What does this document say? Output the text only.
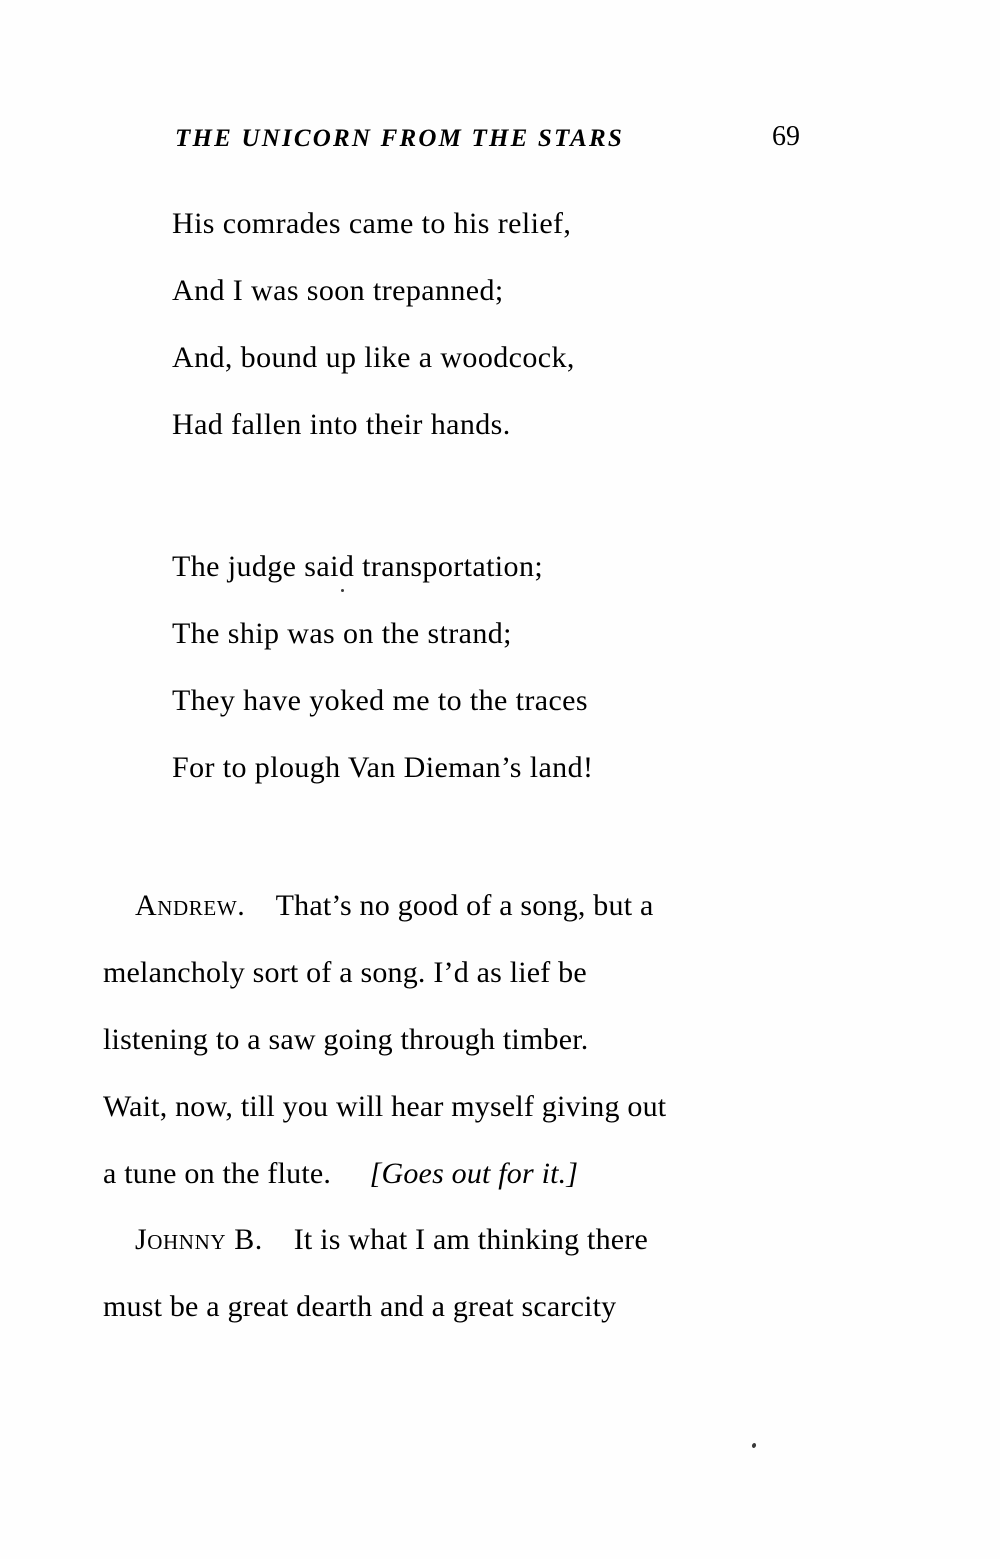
THE UNICORN FROM THE STARS	69
His comrades came to his relief,
And I was soon trepanned;
And, bound up like a woodcock,
Had fallen into their hands.
The judge said transportation;
The ship was on the strand;
They have yoked me to the traces
For to plough Van Dieman’s land!
Andrew. That’s no good of a song, but a
melancholy sort of a song. I’d as lief be
listening to a saw going through timber.
Wait, now, till you will hear myself giving out
a tune on the flute. [Goes out for it.]
Johnny B. It is what I am thinking there
must be a great dearth and a great scarcity
